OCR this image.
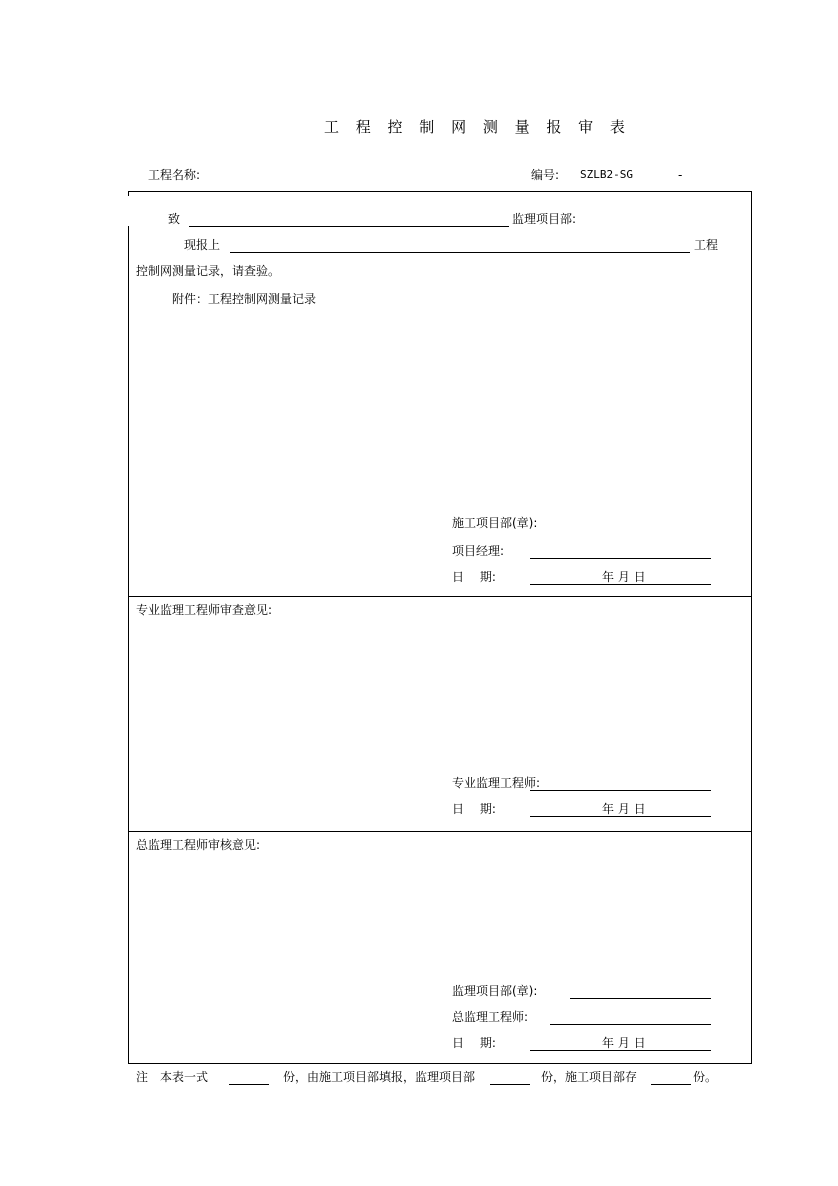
工 程 控 制 网 测 量 报 审 表
工程名称:	编号: SZLB2-SG	-
致	监理项目部:
现报上	工程
控制网测量记录，请查验。
附件：工程控制网测量记录
施工项目部(章):
项目经理:
日　 期:	年 月 日
专业监理工程师审查意见:
专业监理工程师:
日　 期:	年 月 日
总监理工程师审核意见:
监理项目部(章):
总监理工程师:
日　 期:	年 月 日
注 本表一式	份，由施工项目部填报，监理项目部	份，施工项目部存	份。
